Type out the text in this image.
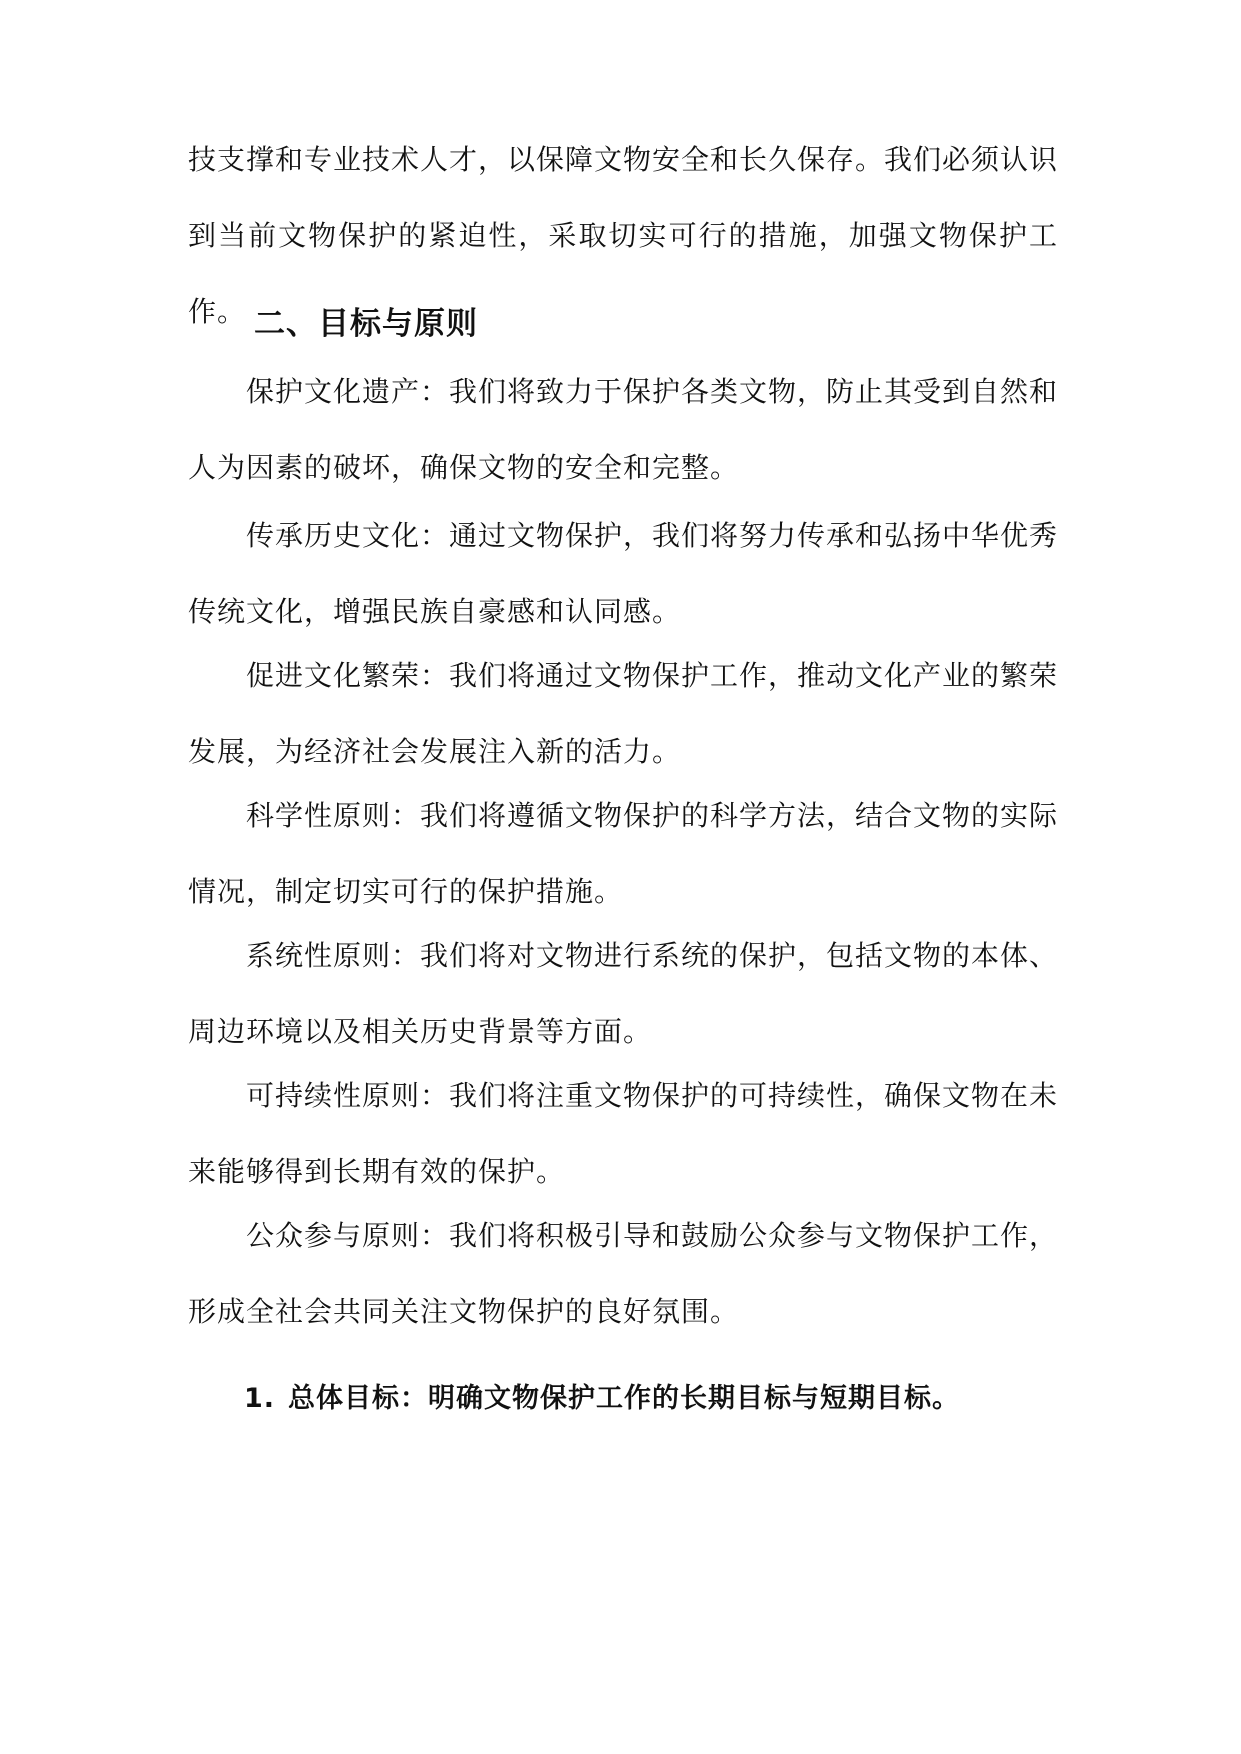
技支撑和专业技术人才，以保障文物安全和长久保存。我们必须认识到当前文物保护的紧迫性，采取切实可行的措施，加强文物保护工作。 二、目标与原则

保护文化遗产：我们将致力于保护各类文物，防止其受到自然和人为因素的破坏，确保文物的安全和完整。

传承历史文化：通过文物保护，我们将努力传承和弘扬中华优秀传统文化，增强民族自豪感和认同感。

促进文化繁荣：我们将通过文物保护工作，推动文化产业的繁荣发展，为经济社会发展注入新的活力。

科学性原则：我们将遵循文物保护的科学方法，结合文物的实际情况，制定切实可行的保护措施。

系统性原则：我们将对文物进行系统的保护，包括文物的本体、周边环境以及相关历史背景等方面。

可持续性原则：我们将注重文物保护的可持续性，确保文物在未来能够得到长期有效的保护。

公众参与原则：我们将积极引导和鼓励公众参与文物保护工作，形成全社会共同关注文物保护的良好氛围。

1. 总体目标：明确文物保护工作的长期目标与短期目标。
